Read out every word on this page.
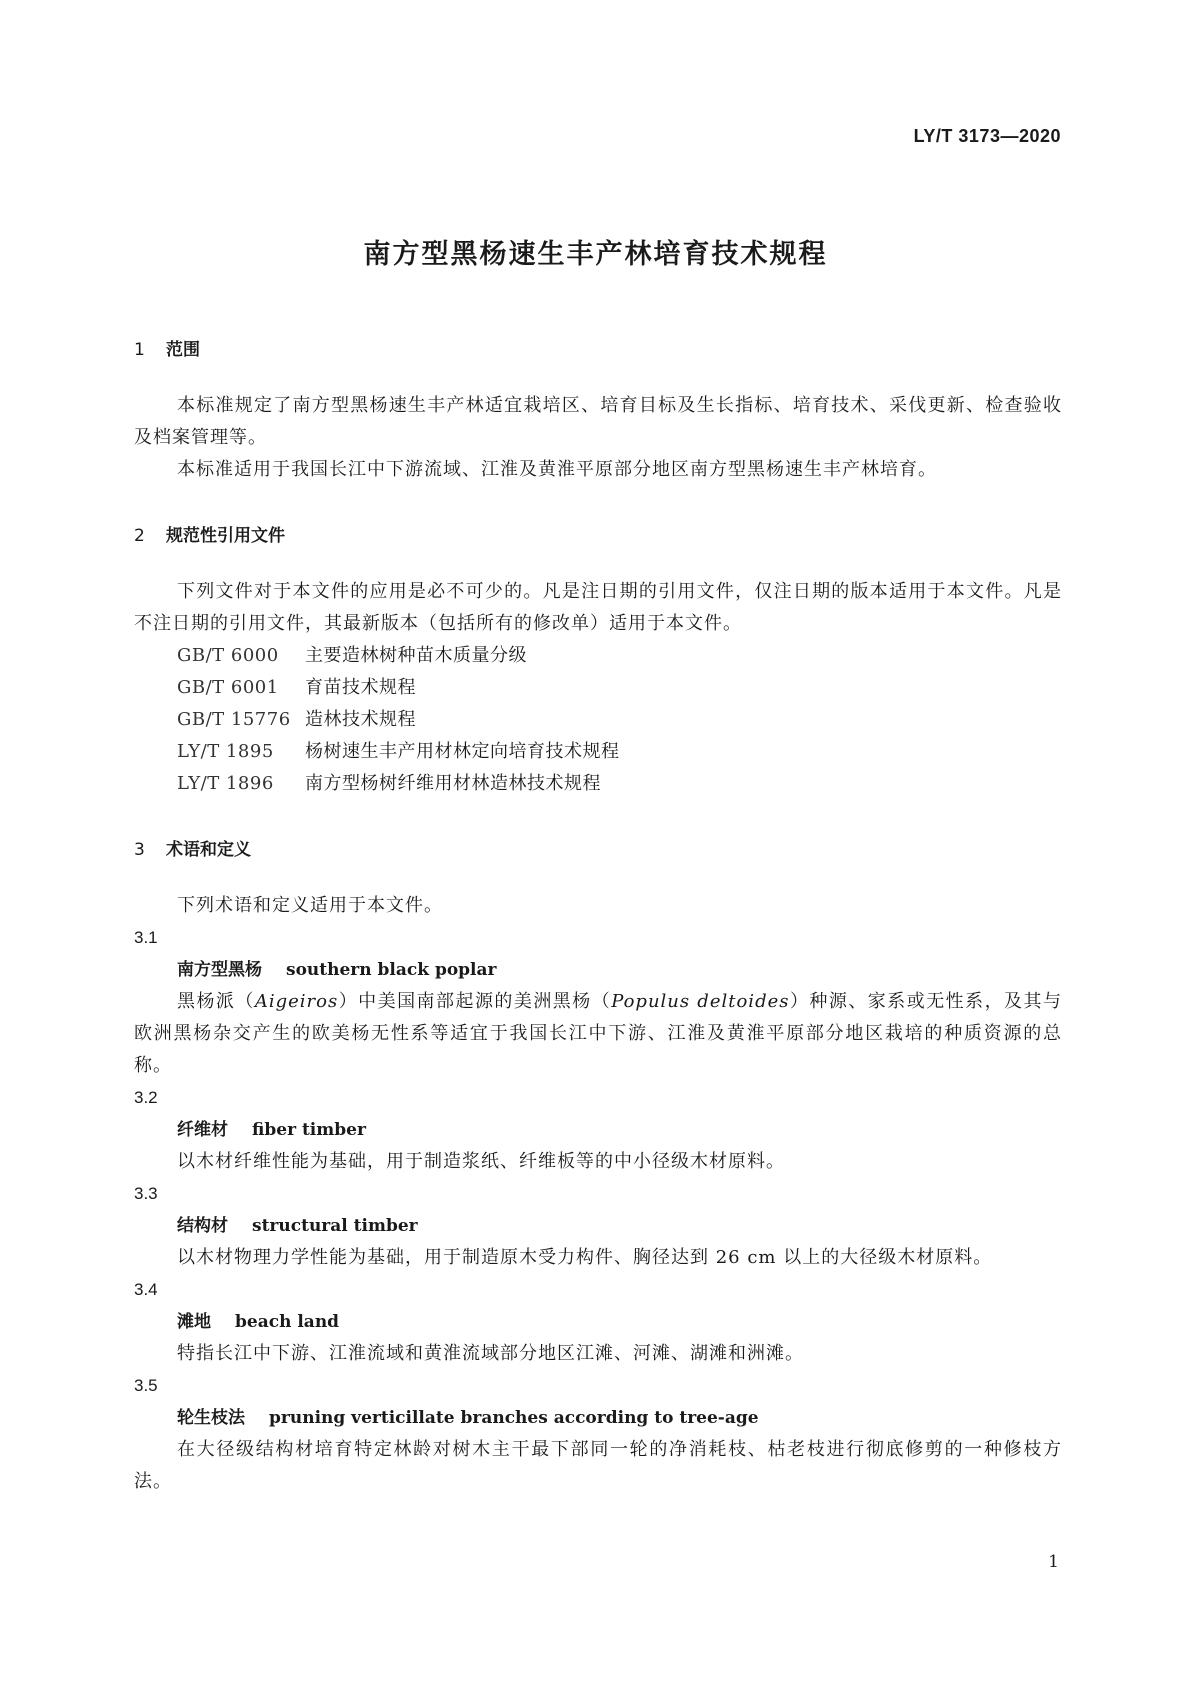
LY/T 3173—2020
南方型黑杨速生丰产林培育技术规程
1 范围
本标准规定了南方型黑杨速生丰产林适宜栽培区、培育目标及生长指标、培育技术、采伐更新、检查验收及档案管理等。
本标准适用于我国长江中下游流域、江淮及黄淮平原部分地区南方型黑杨速生丰产林培育。
2 规范性引用文件
下列文件对于本文件的应用是必不可少的。凡是注日期的引用文件，仅注日期的版本适用于本文件。凡是不注日期的引用文件，其最新版本（包括所有的修改单）适用于本文件。
GB/T 6000 主要造林树种苗木质量分级
GB/T 6001 育苗技术规程
GB/T 15776 造林技术规程
LY/T 1895 杨树速生丰产用材林定向培育技术规程
LY/T 1896 南方型杨树纤维用材林造林技术规程
3 术语和定义
下列术语和定义适用于本文件。
3.1
南方型黑杨 southern black poplar
黑杨派（Aigeiros）中美国南部起源的美洲黑杨（Populus deltoides）种源、家系或无性系，及其与欧洲黑杨杂交产生的欧美杨无性系等适宜于我国长江中下游、江淮及黄淮平原部分地区栽培的种质资源的总称。
3.2
纤维材 fiber timber
以木材纤维性能为基础，用于制造浆纸、纤维板等的中小径级木材原料。
3.3
结构材 structural timber
以木材物理力学性能为基础，用于制造原木受力构件、胸径达到 26 cm 以上的大径级木材原料。
3.4
滩地 beach land
特指长江中下游、江淮流域和黄淮流域部分地区江滩、河滩、湖滩和洲滩。
3.5
轮生枝法 pruning verticillate branches according to tree-age
在大径级结构材培育特定林龄对树木主干最下部同一轮的净消耗枝、枯老枝进行彻底修剪的一种修枝方法。
1
